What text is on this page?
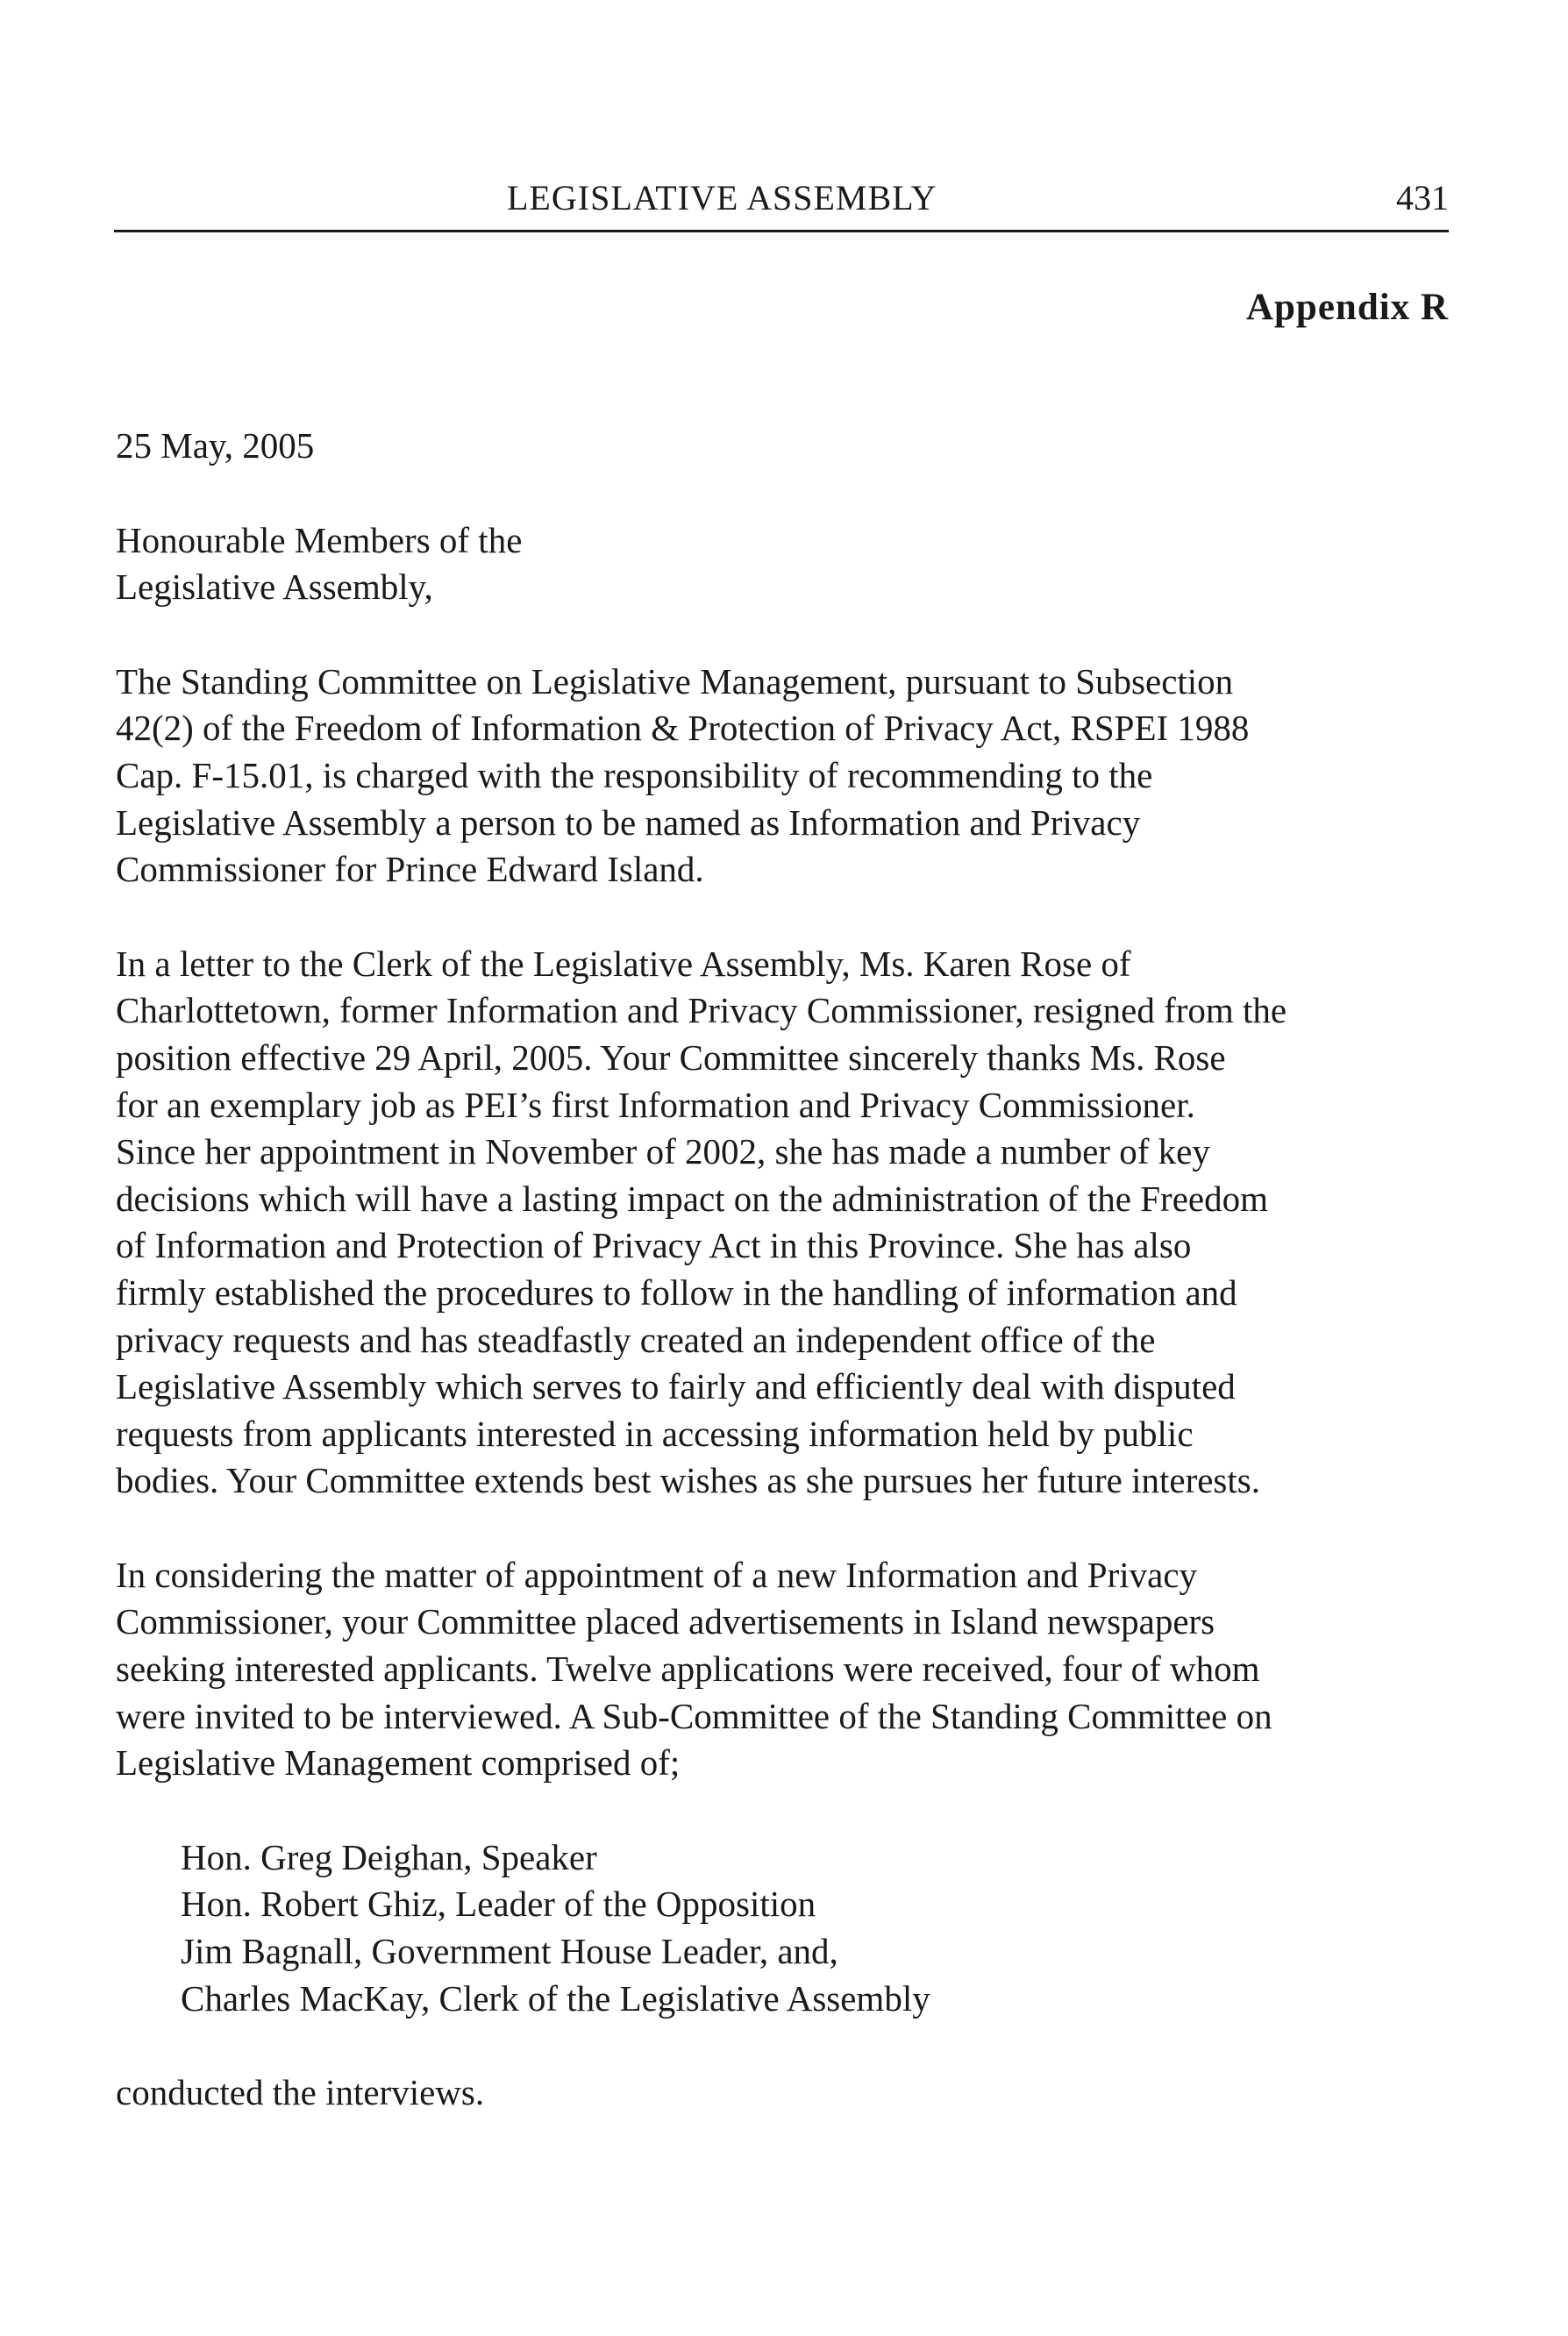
LEGISLATIVE ASSEMBLY	431
Appendix R

25 May, 2005

Honourable Members of the
Legislative Assembly,

The Standing Committee on Legislative Management, pursuant to Subsection
42(2) of the Freedom of Information & Protection of Privacy Act, RSPEI 1988
Cap. F-15.01, is charged with the responsibility of recommending to the
Legislative Assembly a person to be named as Information and Privacy
Commissioner for Prince Edward Island.

In a letter to the Clerk of the Legislative Assembly, Ms. Karen Rose of
Charlottetown, former Information and Privacy Commissioner, resigned from the
position effective 29 April, 2005. Your Committee sincerely thanks Ms. Rose
for an exemplary job as PEI’s first Information and Privacy Commissioner.
Since her appointment in November of 2002, she has made a number of key
decisions which will have a lasting impact on the administration of the Freedom
of Information and Protection of Privacy Act in this Province. She has also
firmly established the procedures to follow in the handling of information and
privacy requests and has steadfastly created an independent office of the
Legislative Assembly which serves to fairly and efficiently deal with disputed
requests from applicants interested in accessing information held by public
bodies. Your Committee extends best wishes as she pursues her future interests.

In considering the matter of appointment of a new Information and Privacy
Commissioner, your Committee placed advertisements in Island newspapers
seeking interested applicants. Twelve applications were received, four of whom
were invited to be interviewed. A Sub-Committee of the Standing Committee on
Legislative Management comprised of;

Hon. Greg Deighan, Speaker
Hon. Robert Ghiz, Leader of the Opposition
Jim Bagnall, Government House Leader, and,
Charles MacKay, Clerk of the Legislative Assembly

conducted the interviews.
